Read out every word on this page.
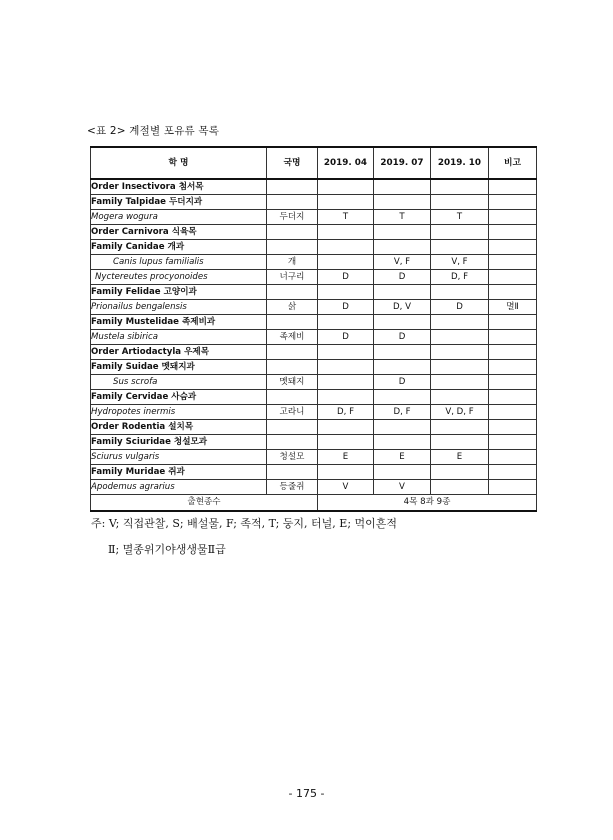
<표 2> 계절별 포유류 목록
학 명	국명	2019. 04	2019. 07	2019. 10	비고
Order Insectivora 첨서목					
Family Talpidae 두더지과					
Mogera wogura	두더지	T	T	T	
Order Carnivora 식육목					
Family Canidae 개과					
Canis lupus familialis	개		V, F	V, F	
Nyctereutes procyonoides	너구리	D	D	D, F	
Family Felidae 고양이과					
Prionailus bengalensis	삵	D	D, V	D	멸Ⅱ
Family Mustelidae 족제비과					
Mustela sibirica	족제비	D	D		
Order Artiodactyla 우제목					
Family Suidae 멧돼지과					
Sus scrofa	멧돼지		D		
Family Cervidae 사슴과					
Hydropotes inermis	고라니	D, F	D, F	V, D, F	
Order Rodentia 설치목					
Family Sciuridae 청설모과					
Sciurus vulgaris	청설모	E	E	E	
Family Muridae 쥐과					
Apodemus agrarius	등줄쥐	V	V		
출현종수		4목 8과 9종			
주: V; 직접관찰, S; 배설물, F; 족적, T; 둥지, 터널, E; 먹이흔적
Ⅱ; 멸종위기야생생물Ⅱ급
- 175 -
